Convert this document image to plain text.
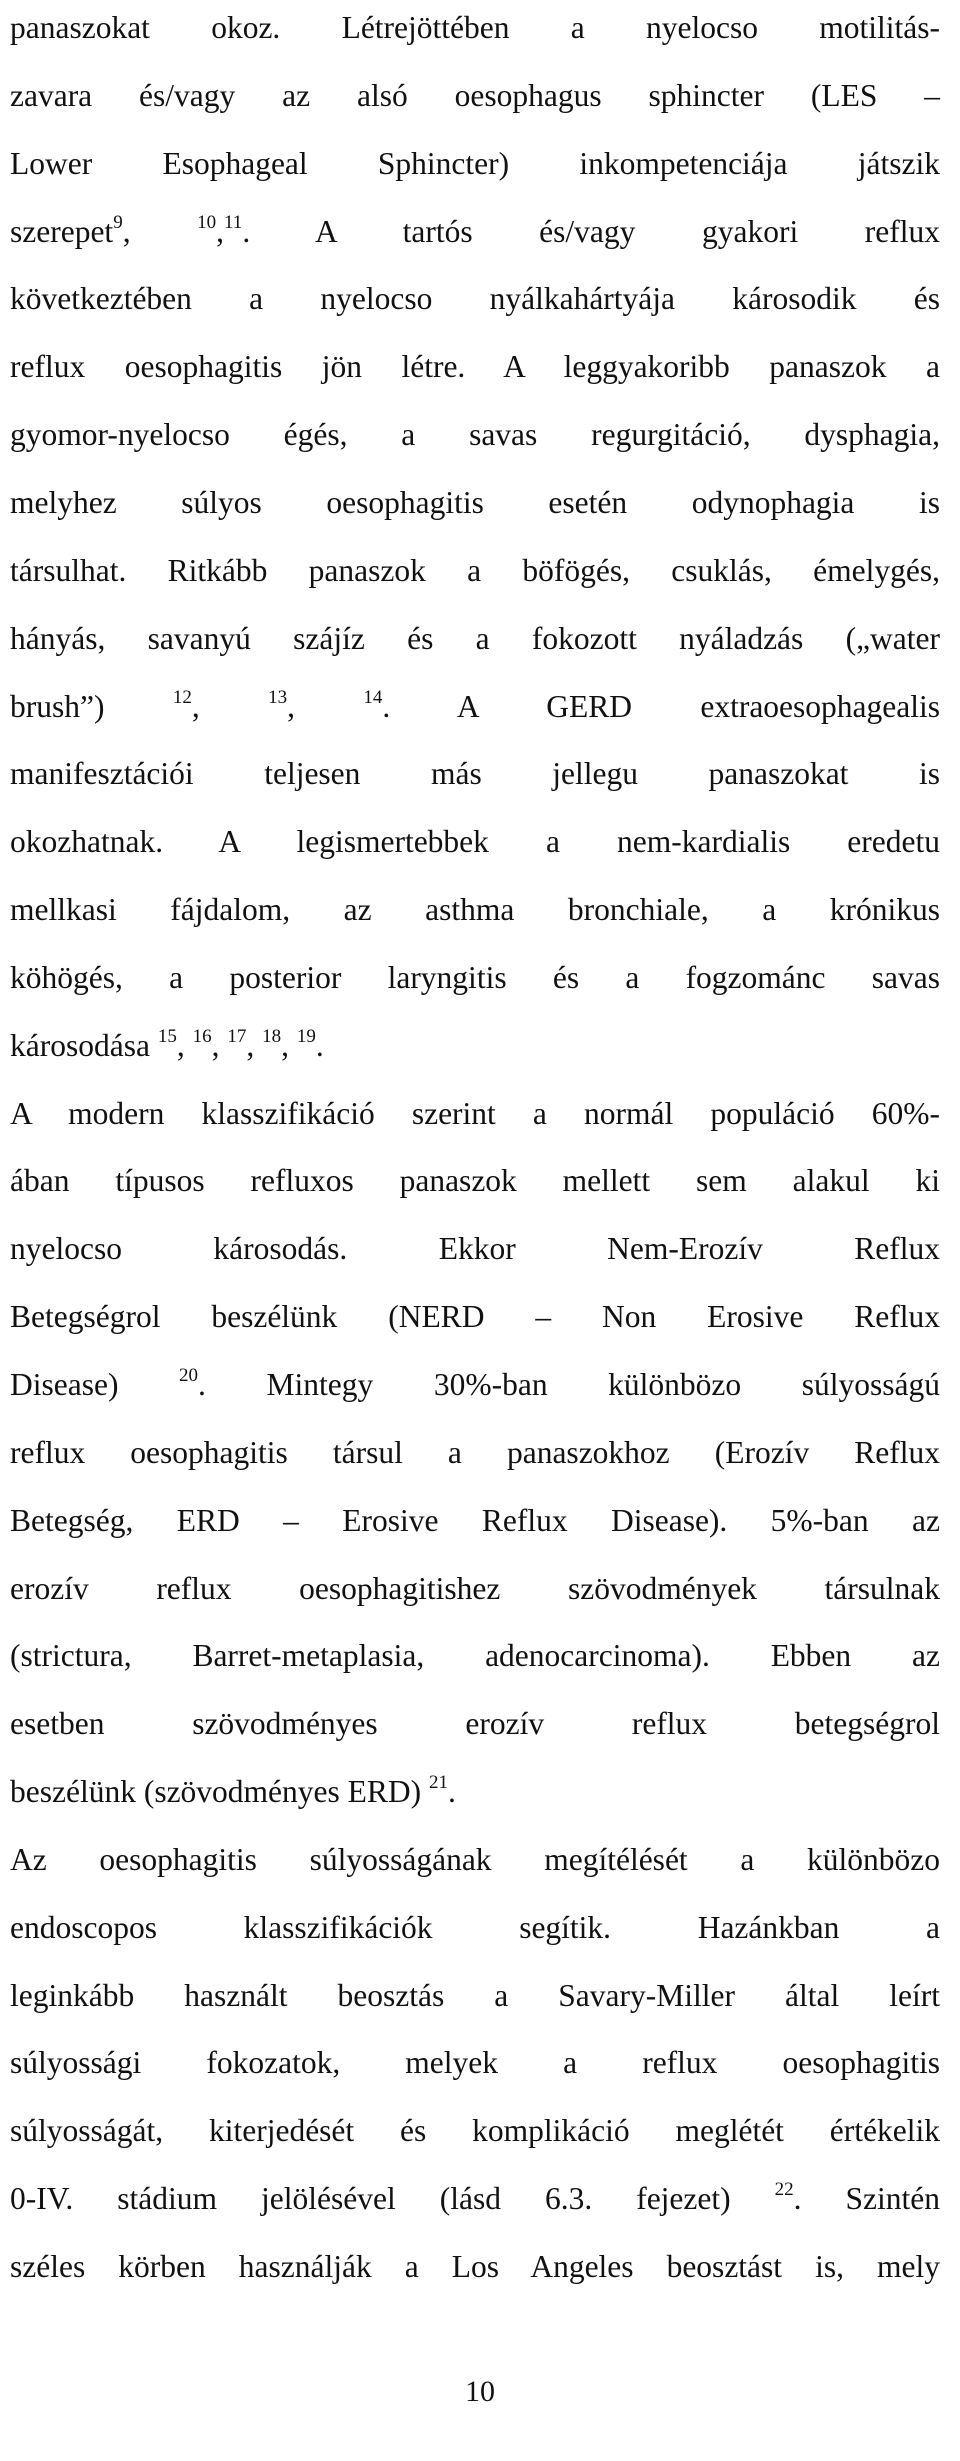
panaszokat okoz. Létrejöttében a nyelocso motilitás-
zavara és/vagy az alsó oesophagus sphincter (LES –
Lower Esophageal Sphincter) inkompetenciája játszik
szerepet$^9$, $^{10}$,$^{11}$. A tartós és/vagy gyakori reflux
következtében a nyelocso nyálkahártyája károsodik és
reflux oesophagitis jön létre. A leggyakoribb panaszok a
gyomor-nyelocso égés, a savas regurgitáció, dysphagia,
melyhez súlyos oesophagitis esetén odynophagia is
társulhat. Ritkább panaszok a böfögés, csuklás, émelygés,
hányás, savanyú szájíz és a fokozott nyáladzás („water
brush”) $^{12}$, $^{13}$, $^{14}$. A GERD extraoesophagealis
manifesztációi teljesen más jellegu panaszokat is
okozhatnak. A legismertebbek a nem-kardialis eredetu
mellkasi fájdalom, az asthma bronchiale, a krónikus
köhögés, a posterior laryngitis és a fogzománc savas
károsodása $^{15}$, $^{16}$, $^{17}$, $^{18}$, $^{19}$.
A modern klasszifikáció szerint a normál populáció 60%-
ában típusos refluxos panaszok mellett sem alakul ki
nyelocso károsodás. Ekkor Nem-Erozív Reflux
Betegségrol beszélünk (NERD – Non Erosive Reflux
Disease) $^{20}$. Mintegy 30%-ban különbözo súlyosságú
reflux oesophagitis társul a panaszokhoz (Erozív Reflux
Betegség, ERD – Erosive Reflux Disease). 5%-ban az
erozív reflux oesophagitishez szövodmények társulnak
(strictura, Barret-metaplasia, adenocarcinoma). Ebben az
esetben szövodményes erozív reflux betegségrol
beszélünk (szövodményes ERD) $^{21}$.
Az oesophagitis súlyosságának megítélését a különbözo
endoscopos klasszifikációk segítik. Hazánkban a
leginkább használt beosztás a Savary-Miller által leírt
súlyossági fokozatok, melyek a reflux oesophagitis
súlyosságát, kiterjedését és komplikáció meglétét értékelik
0-IV. stádium jelölésével (lásd 6.3. fejezet) $^{22}$. Szintén
széles körben használják a Los Angeles beosztást is, mely
10
